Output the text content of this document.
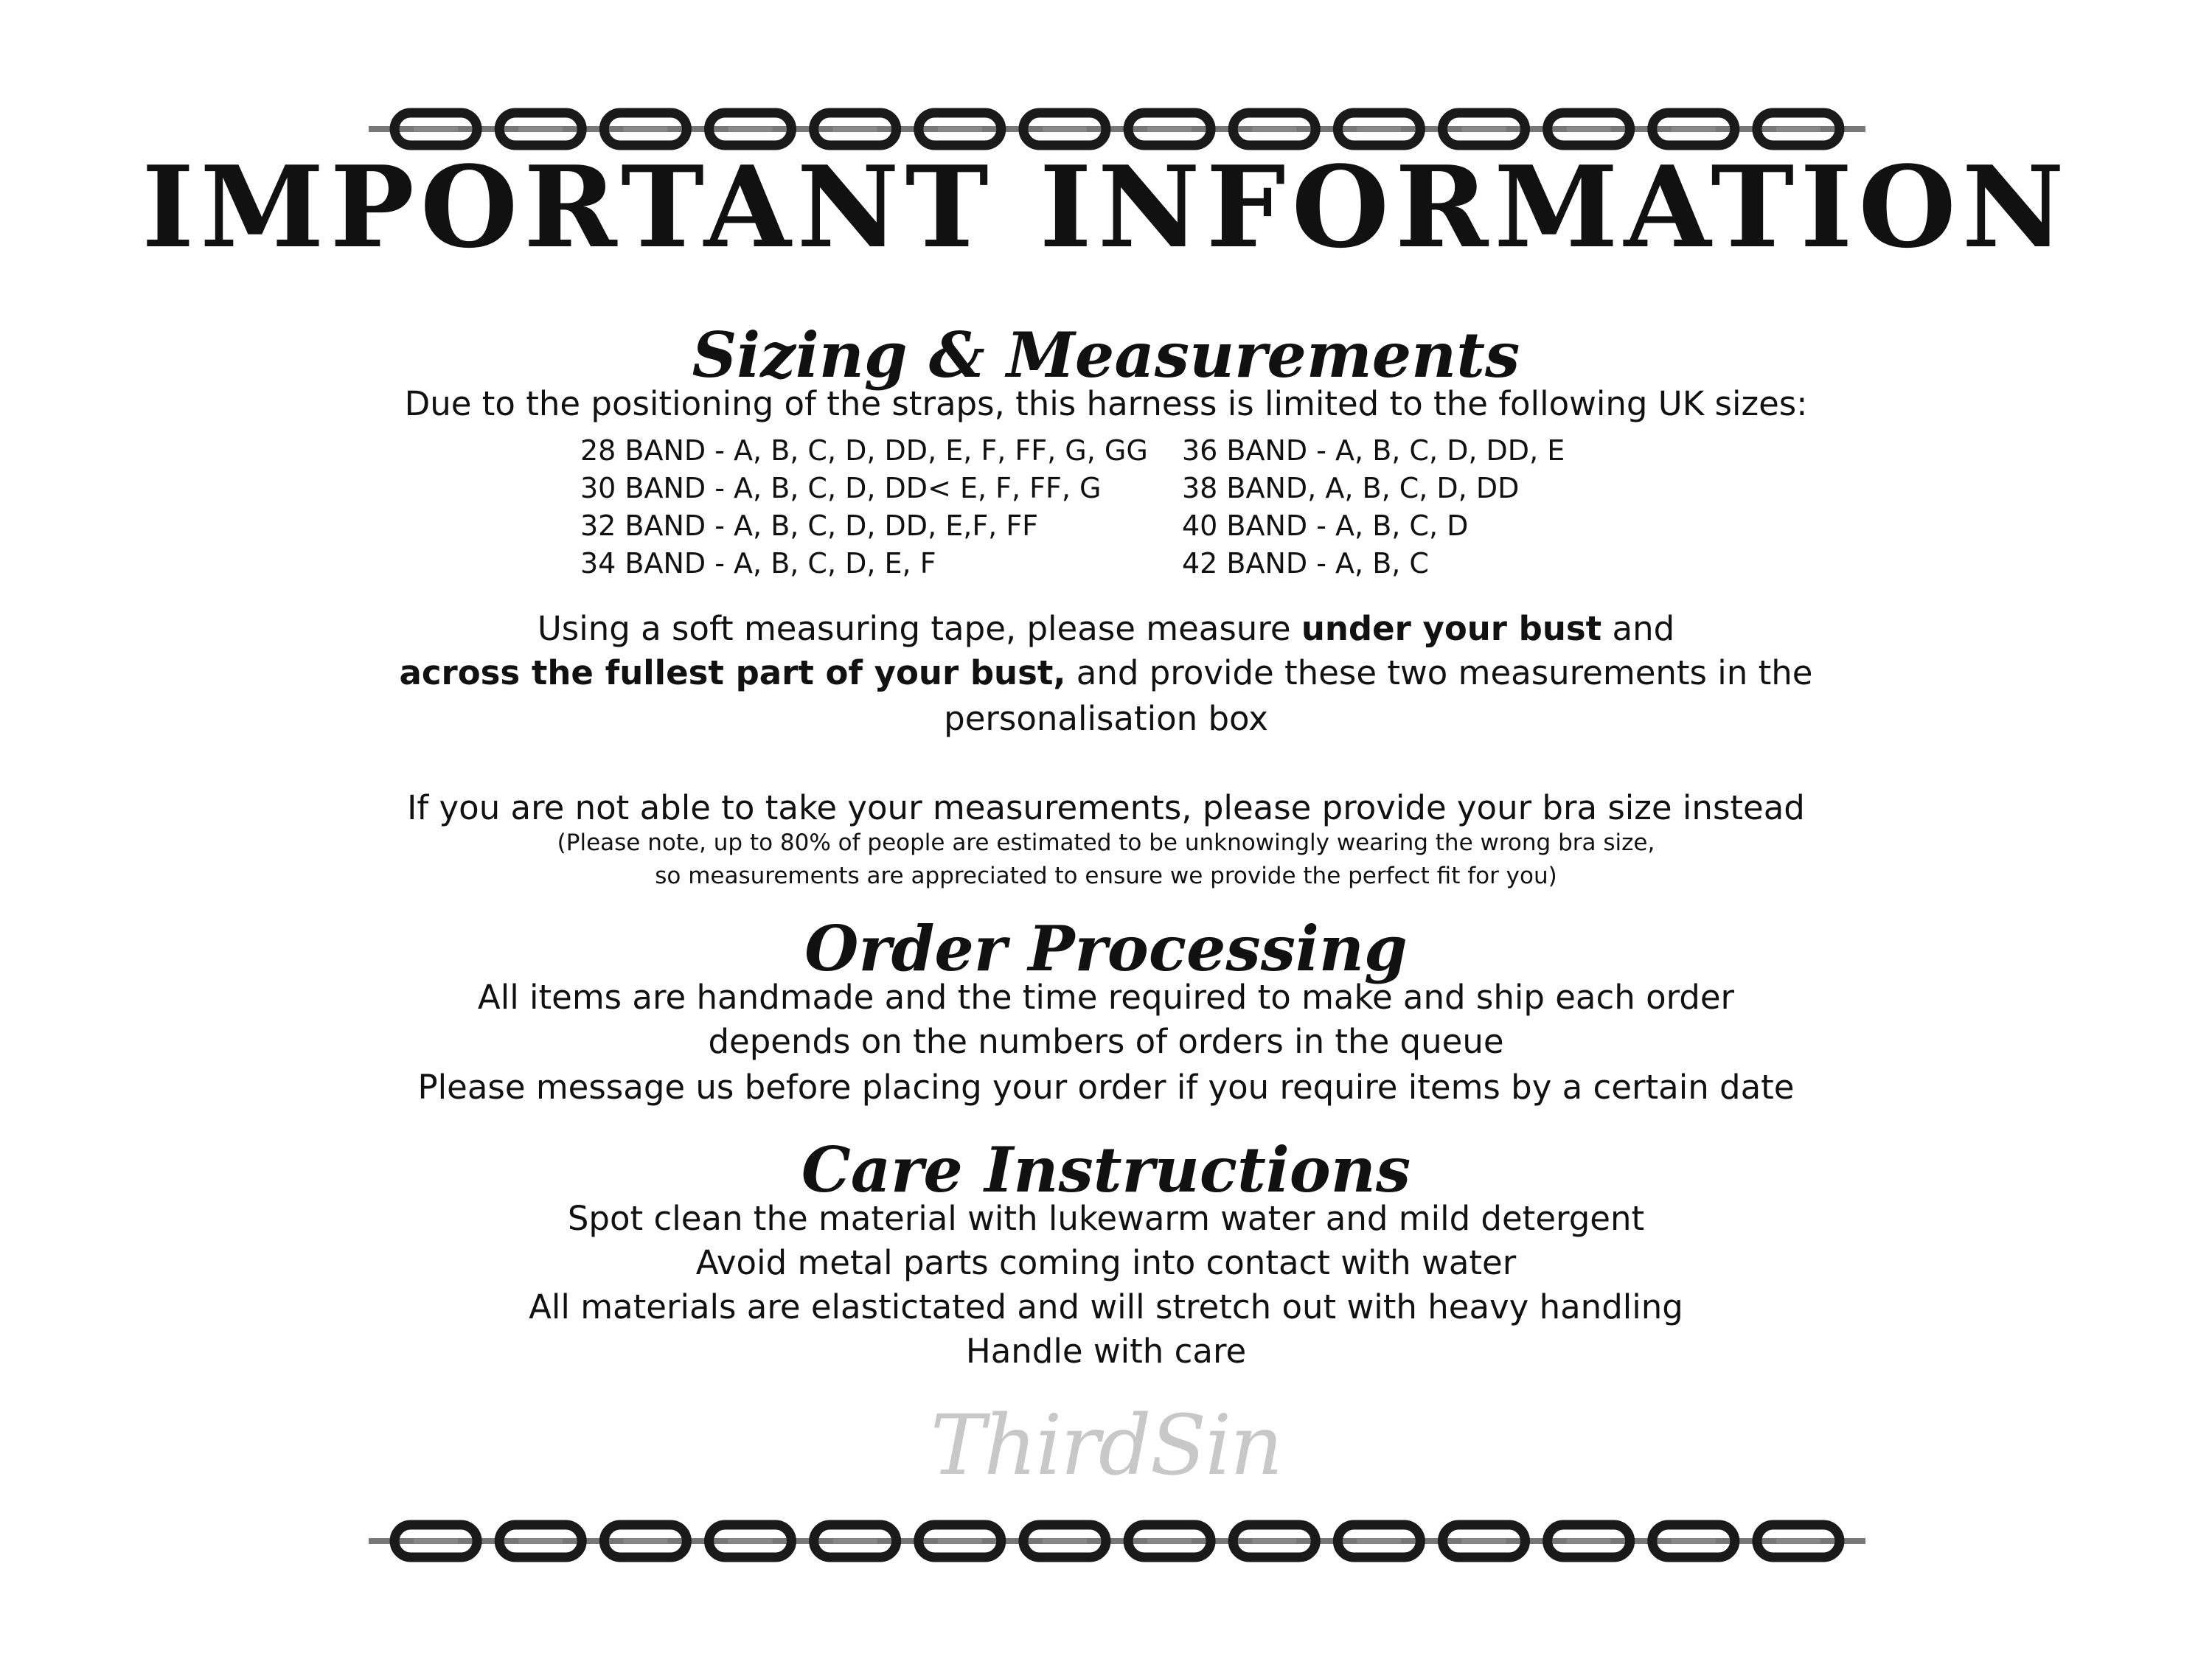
IMPORTANT INFORMATION
Sizing & Measurements
Due to the positioning of the straps, this harness is limited to the following UK sizes:
28 BAND - A, B, C, D, DD, E, F, FF, G, GG
30 BAND - A, B, C, D, DD< E, F, FF, G
32 BAND - A, B, C, D, DD, E,F, FF
34 BAND - A, B, C, D, E, F
36 BAND - A, B, C, D, DD, E
38 BAND, A, B, C, D, DD
40 BAND - A, B, C, D
42 BAND - A, B, C
Using a soft measuring tape, please measure under your bust and
across the fullest part of your bust, and provide these two measurements in the
personalisation box
If you are not able to take your measurements, please provide your bra size instead
(Please note, up to 80% of people are estimated to be unknowingly wearing the wrong bra size,
so measurements are appreciated to ensure we provide the perfect fit for you)
Order Processing
All items are handmade and the time required to make and ship each order
depends on the numbers of orders in the queue
Please message us before placing your order if you require items by a certain date
Care Instructions
Spot clean the material with lukewarm water and mild detergent
Avoid metal parts coming into contact with water
All materials are elastictated and will stretch out with heavy handling
Handle with care
ThirdSin
